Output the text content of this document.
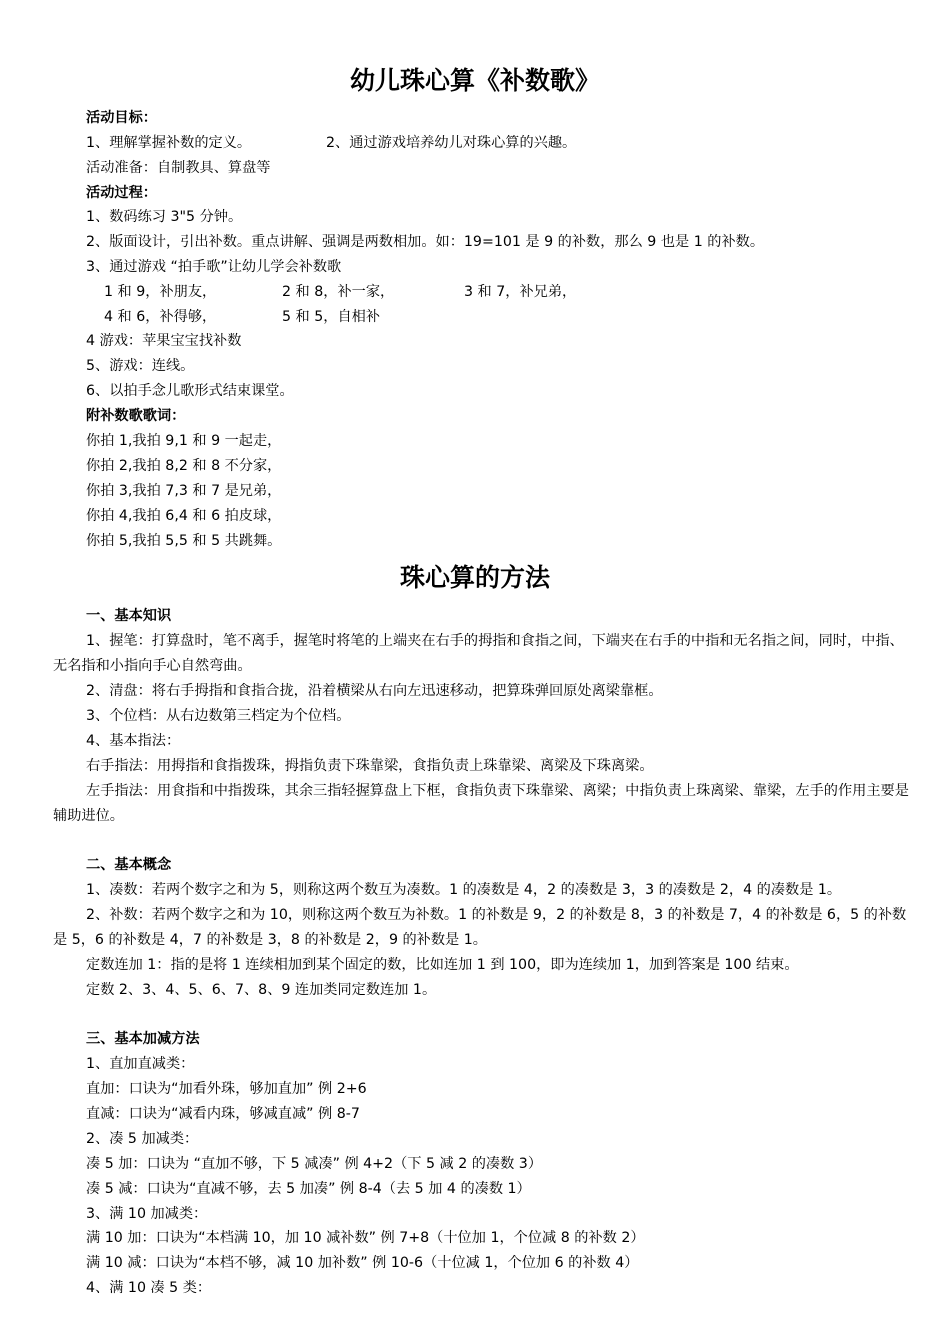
幼儿珠心算《补数歌》
活动目标：
1、理解掌握补数的定义。	2、通过游戏培养幼儿对珠心算的兴趣。
活动准备：自制教具、算盘等
活动过程：
1、数码练习 3"5 分钟。
2、版面设计，引出补数。重点讲解、强调是两数相加。如：19=101 是 9 的补数，那么 9 也是 1 的补数。
3、通过游戏 “拍手歌”让幼儿学会补数歌
1 和 9，补朋友，	2 和 8，补一家，	3 和 7，补兄弟，
4 和 6，补得够，	5 和 5，自相补
4 游戏：苹果宝宝找补数
5、游戏：连线。
6、以拍手念儿歌形式结束课堂。
附补数歌歌词：
你拍 1,我拍 9,1 和 9 一起走，
你拍 2,我拍 8,2 和 8 不分家，
你拍 3,我拍 7,3 和 7 是兄弟，
你拍 4,我拍 6,4 和 6 拍皮球，
你拍 5,我拍 5,5 和 5 共跳舞。
珠心算的方法
一、基本知识
1、握笔：打算盘时，笔不离手，握笔时将笔的上端夹在右手的拇指和食指之间，下端夹在右手的中指和无名指之间，同时，中指、无名指和小指向手心自然弯曲。
2、清盘：将右手拇指和食指合拢，沿着横梁从右向左迅速移动，把算珠弹回原处离梁靠框。
3、个位档：从右边数第三档定为个位档。
4、基本指法：
右手指法：用拇指和食指拨珠，拇指负责下珠靠梁，食指负责上珠靠梁、离梁及下珠离梁。
左手指法：用食指和中指拨珠，其余三指轻握算盘上下框，食指负责下珠靠梁、离梁；中指负责上珠离梁、靠梁，左手的作用主要是辅助进位。
二、基本概念
1、凑数：若两个数字之和为 5，则称这两个数互为凑数。1 的凑数是 4，2 的凑数是 3，3 的凑数是 2，4 的凑数是 1。
2、补数：若两个数字之和为 10，则称这两个数互为补数。1 的补数是 9，2 的补数是 8，3 的补数是 7，4 的补数是 6，5 的补数是 5，6 的补数是 4，7 的补数是 3，8 的补数是 2，9 的补数是 1。
定数连加 1：指的是将 1 连续相加到某个固定的数，比如连加 1 到 100，即为连续加 1，加到答案是 100 结束。
定数 2、3、4、5、6、7、8、9 连加类同定数连加 1。
三、基本加减方法
1、直加直减类：
直加：口诀为“加看外珠，够加直加” 例 2+6
直减：口诀为“减看内珠，够减直减” 例 8-7
2、凑 5 加减类：
凑 5 加：口诀为 “直加不够，下 5 减凑” 例 4+2（下 5 减 2 的凑数 3）
凑 5 减：口诀为“直减不够，去 5 加凑” 例 8-4（去 5 加 4 的凑数 1）
3、满 10 加减类：
满 10 加：口诀为“本档满 10，加 10 减补数” 例 7+8（十位加 1，个位减 8 的补数 2）
满 10 减：口诀为“本档不够，减 10 加补数” 例 10-6（十位减 1，个位加 6 的补数 4）
4、满 10 凑 5 类：
